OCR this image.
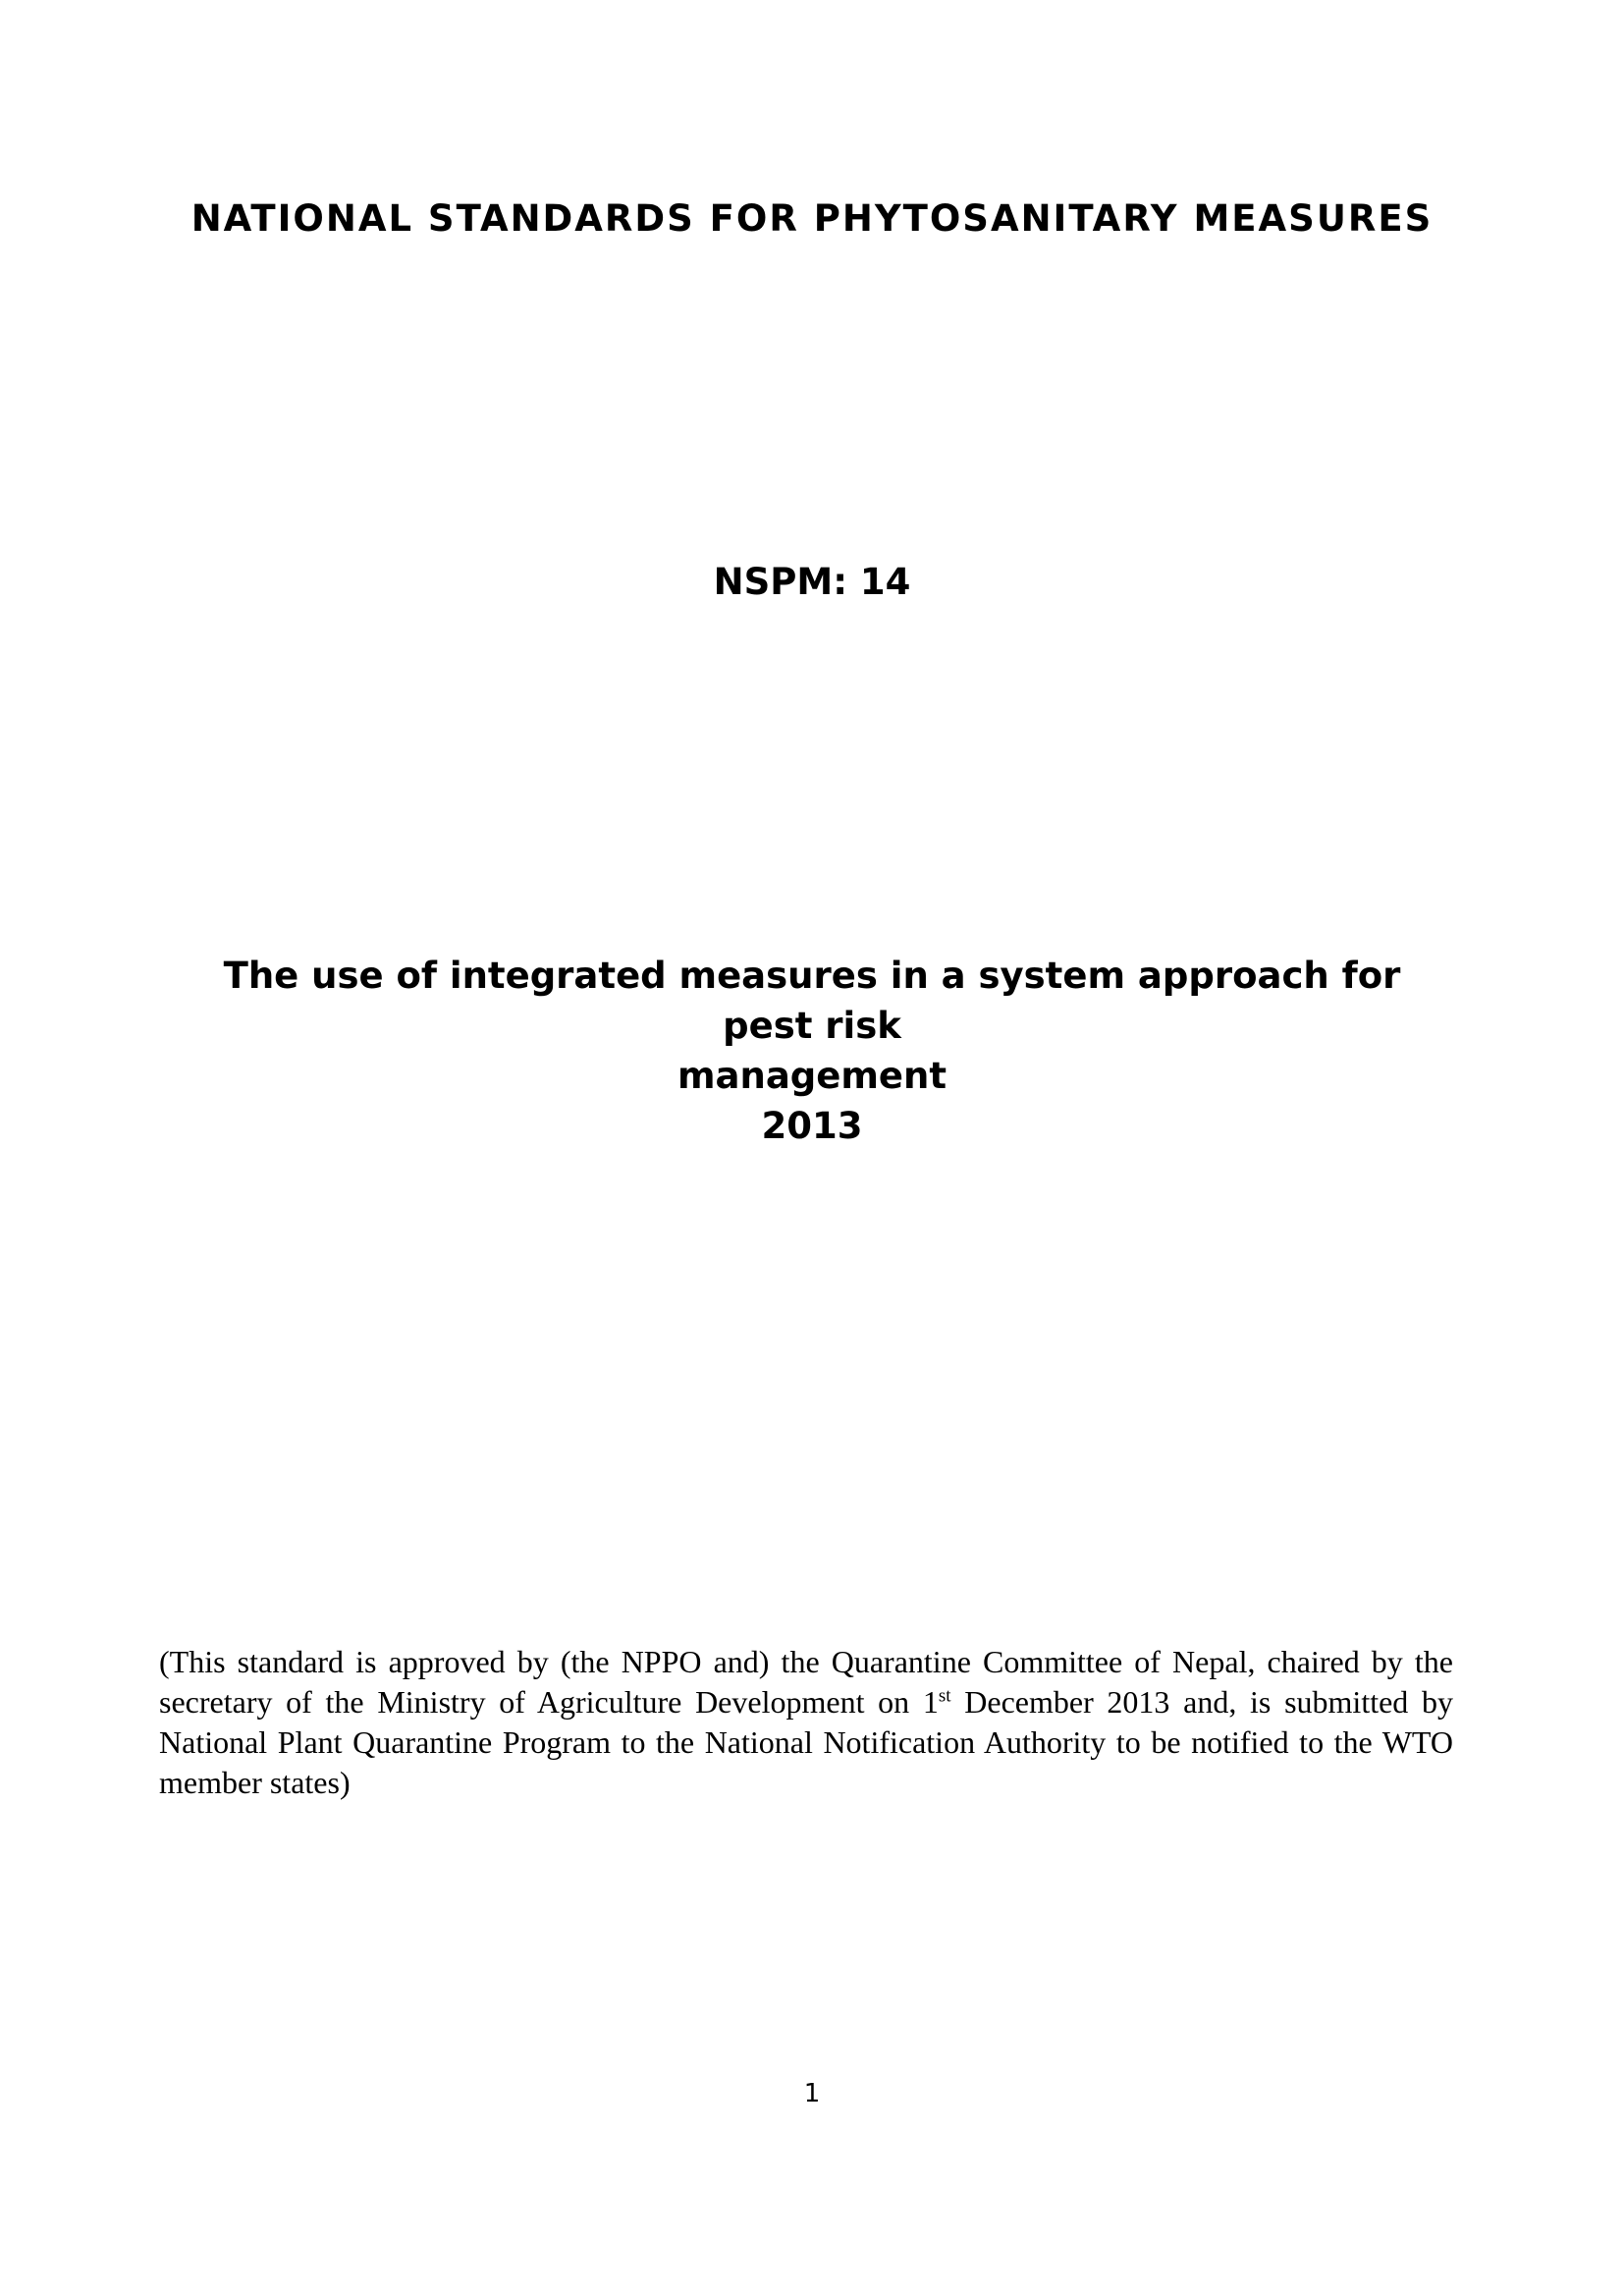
NATIONAL STANDARDS FOR PHYTOSANITARY MEASURES
NSPM: 14
The use of integrated measures in a system approach for pest risk
management
2013
(This standard is approved by (the NPPO and) the Quarantine Committee of Nepal, chaired by the secretary of the Ministry of Agriculture Development on 1st December 2013 and, is submitted by National Plant Quarantine Program to the National Notification Authority to be notified to the WTO member states)
1
